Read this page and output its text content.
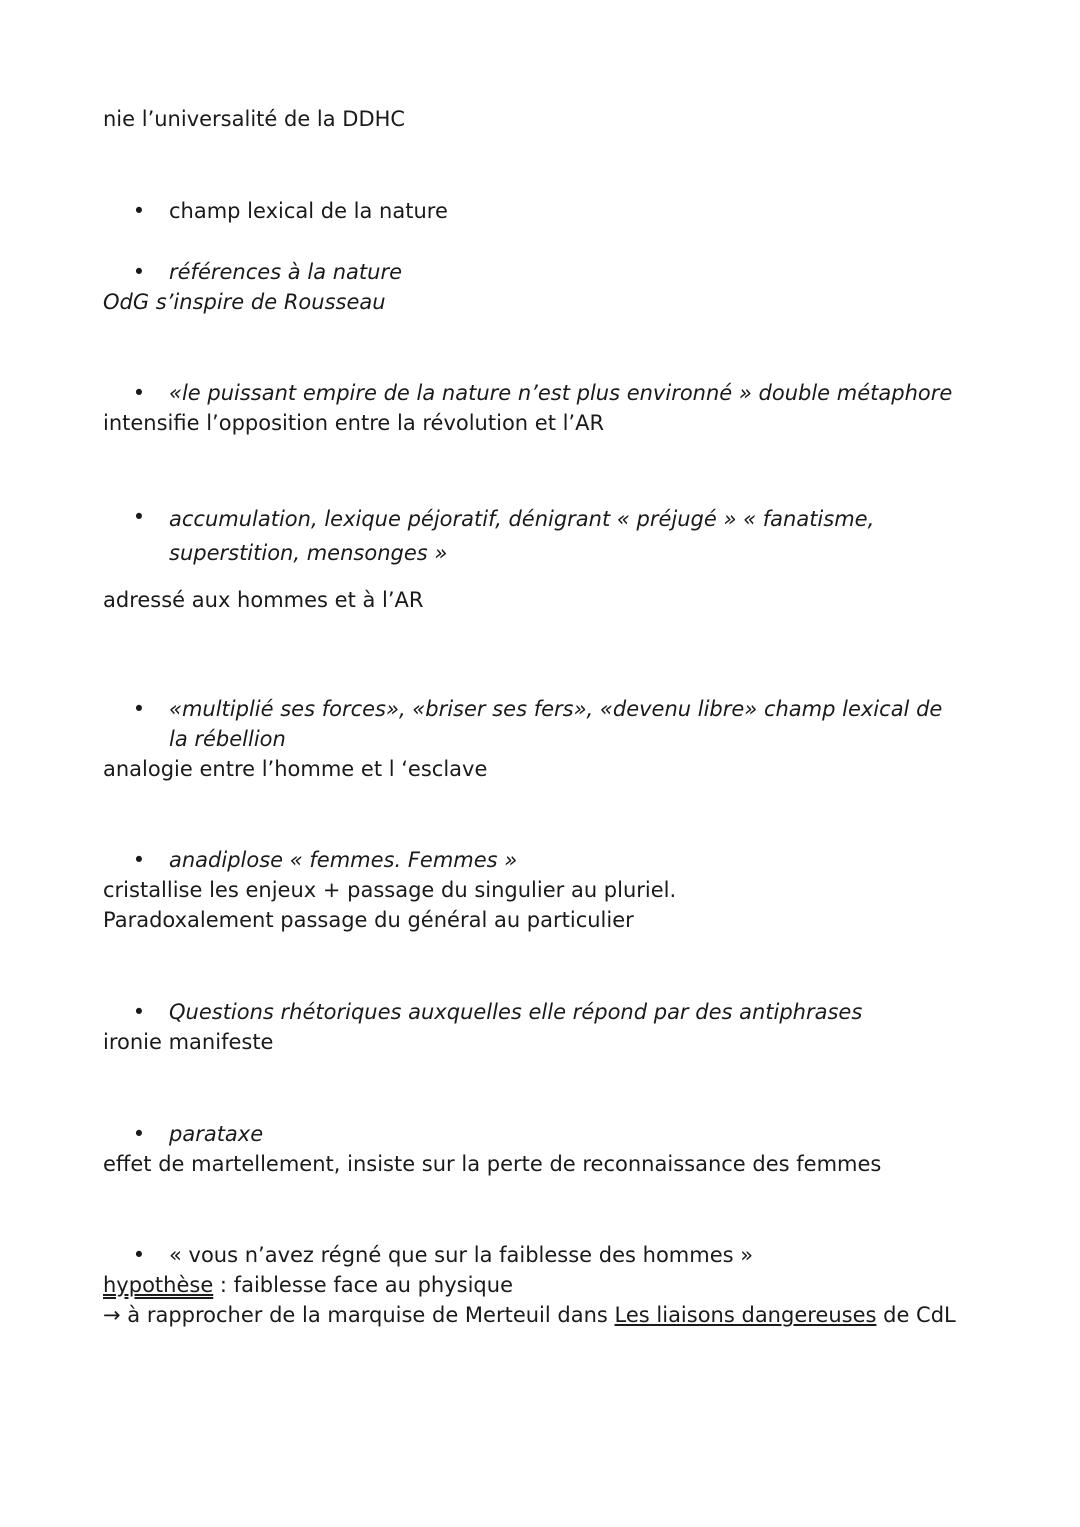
nie l’universalité de la DDHC
• champ lexical de la nature
• références à la nature
OdG s’inspire de Rousseau
• «le puissant empire de la nature n’est plus environné » double métaphore
intensifie l’opposition entre la révolution et l’AR
• accumulation, lexique péjoratif, dénigrant « préjugé » « fanatisme, superstition, mensonges »
adressé aux hommes et à l’AR
• «multiplié ses forces», «briser ses fers», «devenu libre» champ lexical de la rébellion
analogie entre l’homme et l ‘esclave
• anadiplose « femmes. Femmes »
cristallise les enjeux + passage du singulier au pluriel.
Paradoxalement passage du général au particulier
• Questions rhétoriques auxquelles elle répond par des antiphrases
ironie manifeste
• parataxe
effet de martellement, insiste sur la perte de reconnaissance des femmes
• « vous n’avez régné que sur la faiblesse des hommes »
hypothèse : faiblesse face au physique
→ à rapprocher de la marquise de Merteuil dans Les liaisons dangereuses de CdL
